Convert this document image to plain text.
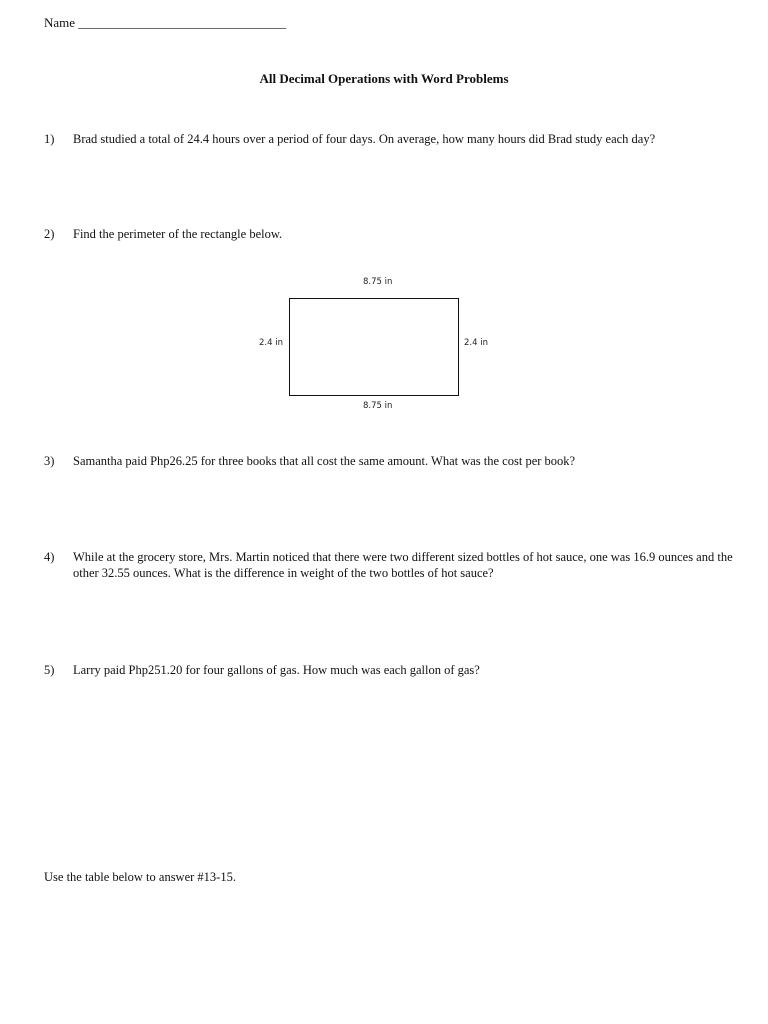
Name ________________________________
All Decimal Operations with Word Problems
1)	Brad studied a total of 24.4 hours over a period of four days. On average, how many hours did Brad study each day?
2)	Find the perimeter of the rectangle below.
8.75 in
2.4 in	2.4 in
8.75 in
3)	Samantha paid Php26.25 for three books that all cost the same amount. What was the cost per book?
4)	While at the grocery store, Mrs. Martin noticed that there were two different sized bottles of hot sauce, one was 16.9 ounces and the other 32.55 ounces. What is the difference in weight of the two bottles of hot sauce?
5)	Larry paid Php251.20 for four gallons of gas. How much was each gallon of gas?
Use the table below to answer #13-15.
